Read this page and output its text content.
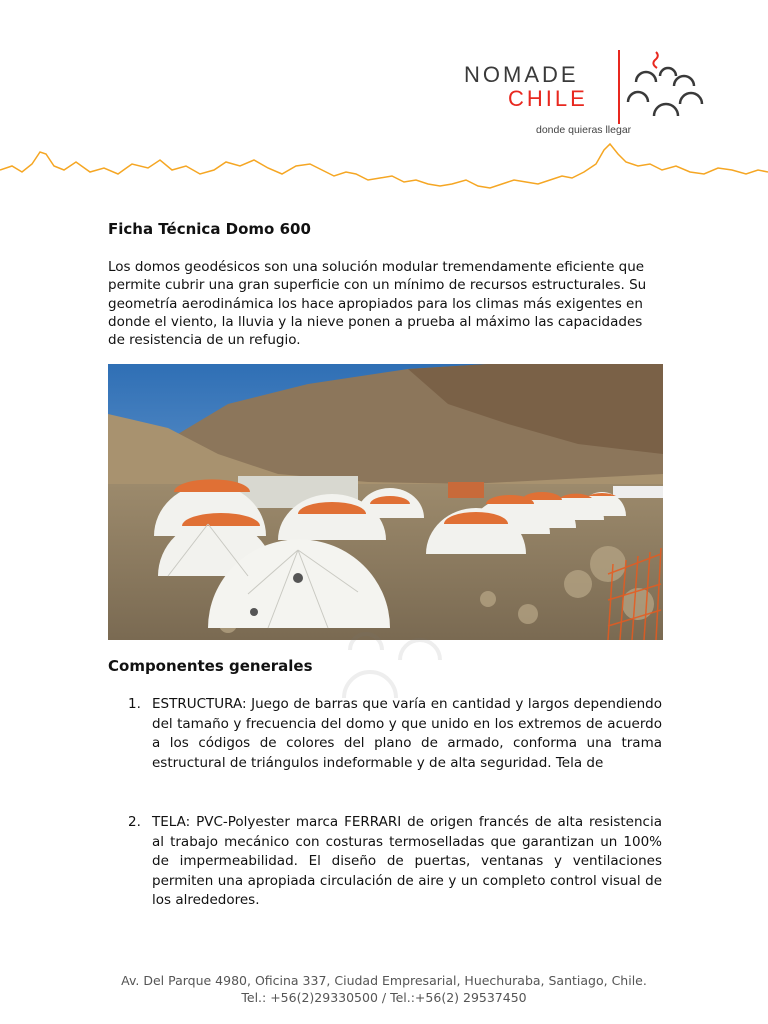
NOMADE
CHILE
donde quieras llegar
Ficha Técnica Domo 600

Los domos geodésicos son una solución modular tremendamente eficiente que permite cubrir una gran superficie con un mínimo de recursos estructurales. Su geometría aerodinámica los hace apropiados para los climas más exigentes en donde el viento, la lluvia y la nieve ponen a prueba al máximo las capacidades de resistencia de un refugio.

Componentes generales
1. ESTRUCTURA: Juego de barras que varía en cantidad y largos dependiendo del tamaño y frecuencia del domo y que unido en los extremos de acuerdo a los códigos de colores del plano de armado, conforma una trama estructural de triángulos indeformable y de alta seguridad. Tela de
2. TELA: PVC-Polyester marca FERRARI de origen francés de alta resistencia al trabajo mecánico con costuras termoselladas que garantizan un 100% de impermeabilidad. El diseño de puertas, ventanas y ventilaciones permiten una apropiada circulación de aire y un completo control visual de los alrededores.
Av. Del Parque 4980, Oficina 337, Ciudad Empresarial, Huechuraba, Santiago, Chile.
Tel.: +56(2)29330500 / Tel.:+56(2) 29537450
